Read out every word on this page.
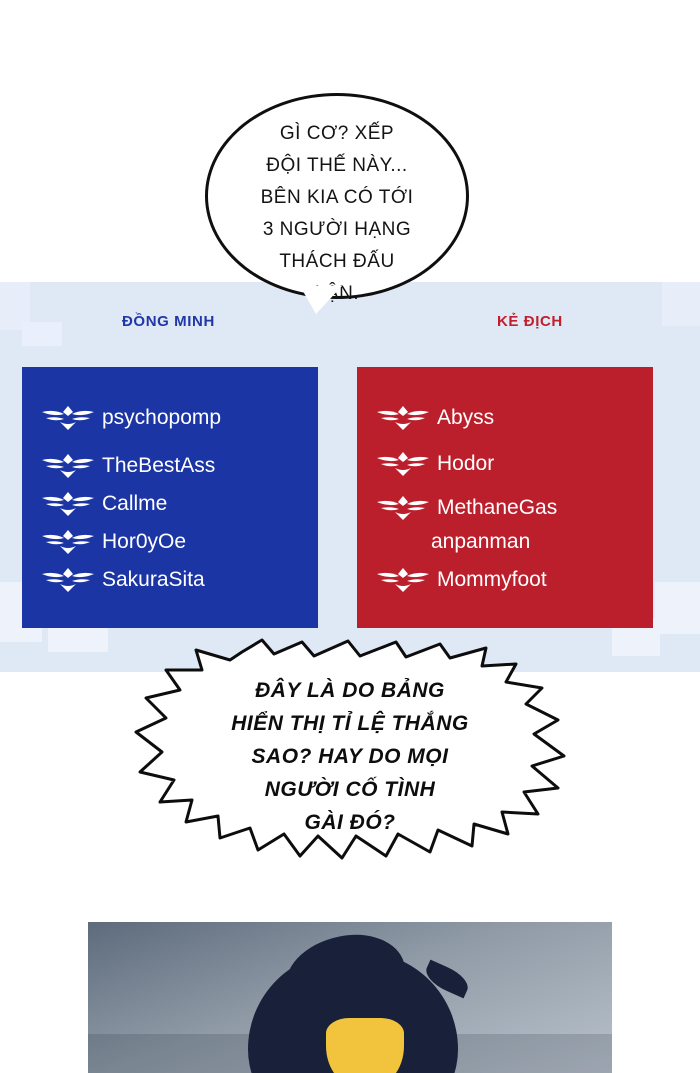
ĐỒNG MINH	KẺ ĐỊCH
psychopomp
TheBestAss
Callme
Hor0yOe
SakuraSita
Abyss
Hodor
MethaneGas
anpanman
Mommyfoot
GÌ CƠ? XẾP
ĐỘI THẾ NÀY...
BÊN KIA CÓ TỚI
3 NGƯỜI HẠNG
THÁCH ĐẤU
LẬN.
ĐÂY LÀ DO BẢNG
HIỂN THỊ TỈ LỆ THẮNG
SAO? HAY DO MỌI
NGƯỜI CỐ TÌNH
GÀI ĐÓ?
